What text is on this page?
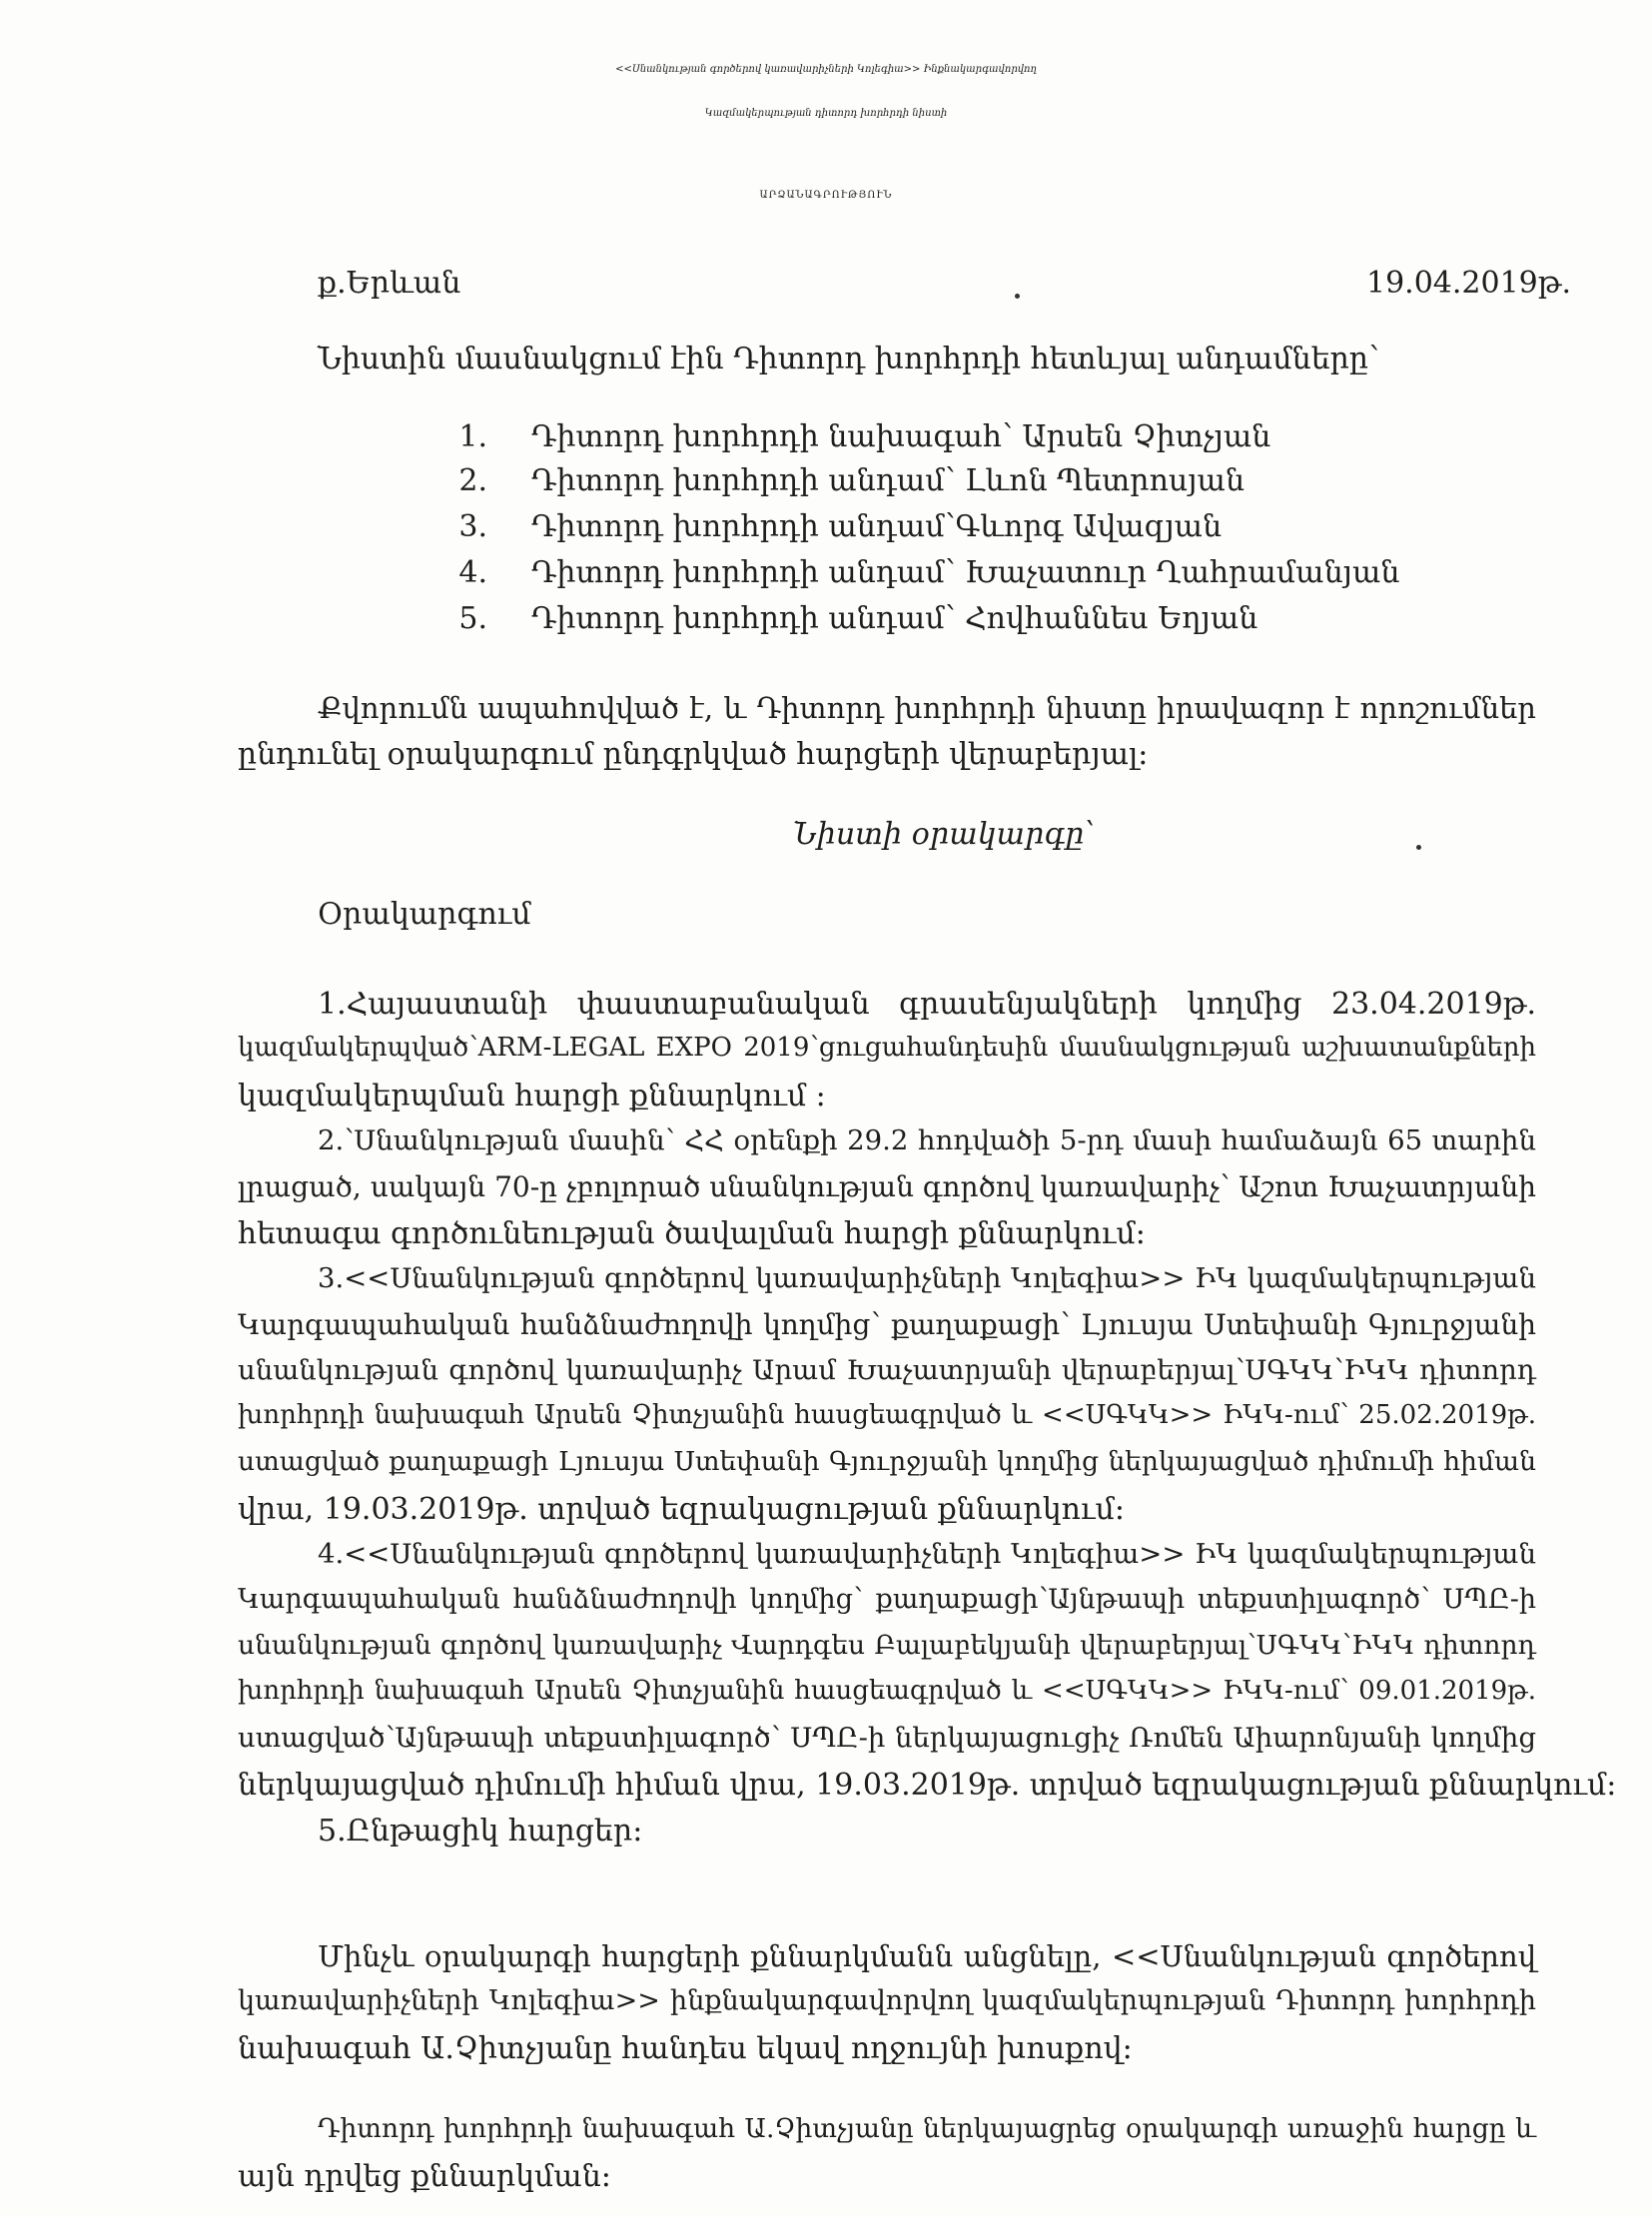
<<Սնանկության գործերով կառավարիչների Կոլեգիա>> Ինքնակարգավորվող
Կազմակերպության դիտորդ խորհրդի նիստի
ԱՐՁԱՆԱԳՐՈՒԹՅՈՒՆ
ք.Երևան	19.04.2019թ.
Նիստին մասնակցում էին Դիտորդ խորհրդի հետևյալ անդամները՝
1. Դիտորդ խորհրդի նախագահ՝ Արսեն Չիտչյան
2. Դիտորդ խորհրդի անդամ՝ Լևոն Պետրոսյան
3. Դիտորդ խորհրդի անդամ՝Գևորգ Ավազյան
4. Դիտորդ խորհրդի անդամ՝ Խաչատուր Ղահրամանյան
5. Դիտորդ խորհրդի անդամ՝ Հովհաննես Եղյան
Քվորումն ապահովված է, և Դիտորդ խորհրդի նիստը իրավազոր է որոշումներ
ընդունել օրակարգում ընդգրկված հարցերի վերաբերյալ:
Նիստի օրակարգը՝
Օրակարգում
1.Հայաստանի փաստաբանական գրասենյակների կողմից 23.04.2019թ.
կազմակերպված՝ARM-LEGAL EXPO 2019՝ցուցահանդեսին մասնակցության աշխատանքների
կազմակերպման հարցի քննարկում :
2.՝Սնանկության մասին՝ ՀՀ օրենքի 29.2 հոդվածի 5-րդ մասի համաձայն 65 տարին
լրացած, սակայն 70-ը չբոլորած սնանկության գործով կառավարիչ՝ Աշոտ Խաչատրյանի
հետագա գործունեության ծավալման հարցի քննարկում:
3.<<Սնանկության գործերով կառավարիչների Կոլեգիա>> ԻԿ կազմակերպության
Կարգապահական հանձնաժողովի կողմից՝ քաղաքացի՝ Լյուսյա Ստեփանի Գյուրջյանի
սնանկության գործով կառավարիչ Արամ Խաչատրյանի վերաբերյալ՝ՍԳԿԿ՝ԻԿԿ դիտորդ
խորհրդի նախագահ Արսեն Չիտչյանին հասցեագրված և <<ՍԳԿԿ>> ԻԿԿ-ում՝ 25.02.2019թ.
ստացված քաղաքացի Լյուսյա Ստեփանի Գյուրջյանի կողմից ներկայացված դիմումի հիման
վրա, 19.03.2019թ. տրված եզրակացության քննարկում:
4.<<Սնանկության գործերով կառավարիչների Կոլեգիա>> ԻԿ կազմակերպության
Կարգապահական հանձնաժողովի կողմից՝ քաղաքացի՝Այնթապի տեքստիլագործ՝ ՍՊԸ-ի
սնանկության գործով կառավարիչ Վարդգես Բալաբեկյանի վերաբերյալ՝ՍԳԿԿ՝ԻԿԿ դիտորդ
խորհրդի նախագահ Արսեն Չիտչյանին հասցեագրված և <<ՍԳԿԿ>> ԻԿԿ-ում՝ 09.01.2019թ.
ստացված՝Այնթապի տեքստիլագործ՝ ՍՊԸ-ի ներկայացուցիչ Ռոմեն Աիարոնյանի կողմից
ներկայացված դիմումի հիման վրա, 19.03.2019թ. տրված եզրակացության քննարկում:
5.Ընթացիկ հարցեր:
Մինչև օրակարգի հարցերի քննարկմանն անցնելը, <<Սնանկության գործերով
կառավարիչների Կոլեգիա>> ինքնակարգավորվող կազմակերպության Դիտորդ խորհրդի
նախագահ Ա.Չիտչյանը հանդես եկավ ողջույնի խոսքով:
Դիտորդ խորհրդի նախագահ Ա.Չիտչյանը ներկայացրեց օրակարգի առաջին հարցը և
այն դրվեց քննարկման:
